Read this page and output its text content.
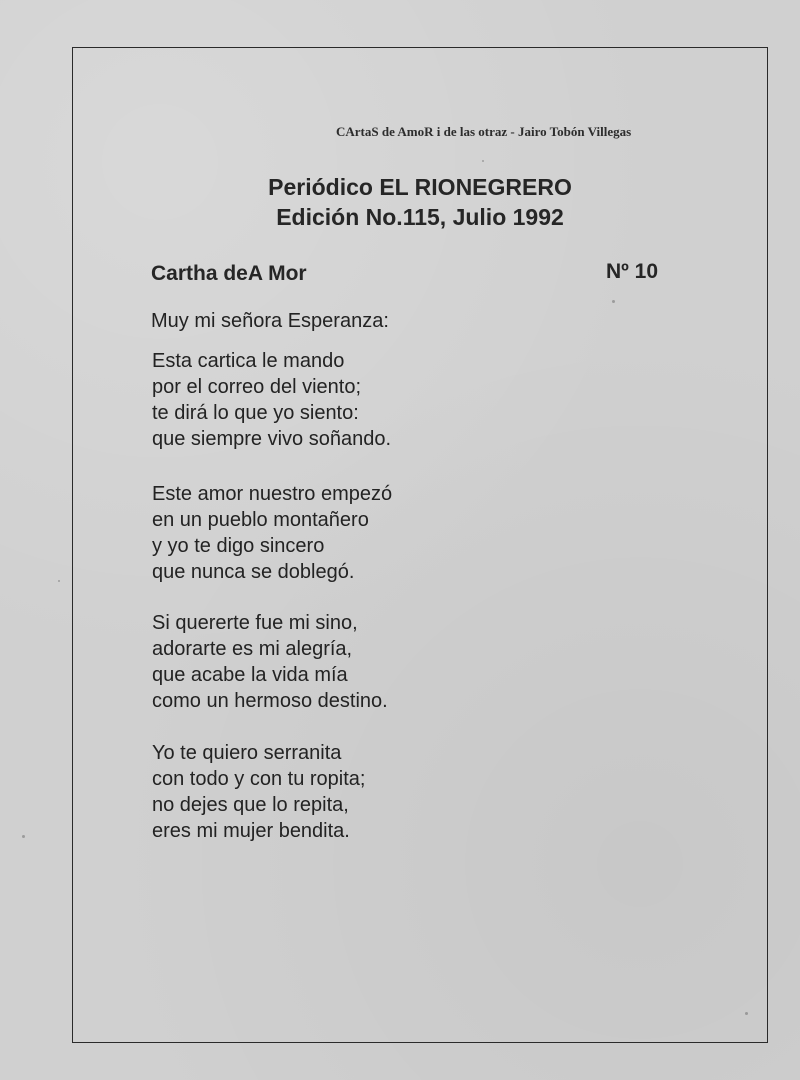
CArtaS de AmoR i de las otraz - Jairo Tobón Villegas
Periódico EL RIONEGRERO
Edición No.115, Julio 1992
Cartha deA Mor	Nº 10
Muy mi señora Esperanza:
Esta cartica le mando
por el correo del viento;
te dirá lo que yo siento:
que siempre vivo soñando.
Este amor nuestro empezó
en un pueblo montañero
y yo te digo sincero
que nunca se doblegó.
Si quererte fue mi sino,
adorarte es mi alegría,
que acabe la vida mía
como un hermoso destino.
Yo te quiero serranita
con todo y con tu ropita;
no dejes que lo repita,
eres mi mujer bendita.
